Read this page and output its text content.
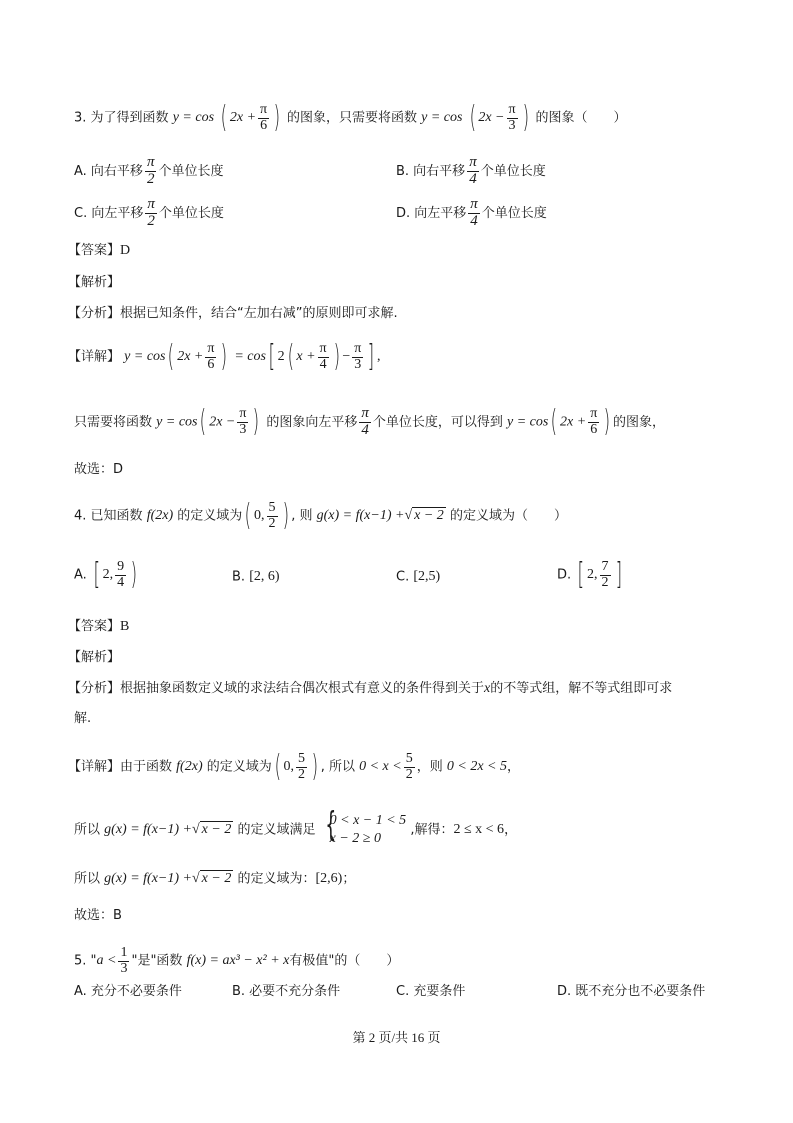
3. 为了得到函数 y = cos ( $2x + \frac{\pi}{6}$ ) 的图象，只需要将函数 y = cos ( $2x - \frac{\pi}{3}$ ) 的图象（　　）
A. 向右平移 $\frac{\pi}{2}$ 个单位长度	B. 向右平移 $\frac{\pi}{4}$ 个单位长度
C. 向左平移 $\frac{\pi}{2}$ 个单位长度	D. 向左平移 $\frac{\pi}{4}$ 个单位长度
【答案】D
【解析】
【分析】根据已知条件，结合“左加右减”的原则即可求解.
【详解】 y = cos( $2x + \frac{\pi}{6}$ ) = cos[ 2( $x + \frac{\pi}{4}$ ) − $\frac{\pi}{3}$ ] ,
只需要将函数 y = cos( $2x - \frac{\pi}{3}$ ) 的图象向左平移 $\frac{\pi}{4}$ 个单位长度，可以得到 y = cos( $2x + \frac{\pi}{6}$ ) 的图象，
故选：D
4. 已知函数 f(2x) 的定义域为( 0, $\frac{5}{2}$ ) , 则 g(x) = f(x−1) +√ x − 2 的定义域为（　　）
A. [ 2, $\frac{9}{4}$ )	B. [2, 6)	C. [2,5)	D. [ 2, $\frac{7}{2}$ ]
【答案】B
【解析】
【分析】根据抽象函数定义域的求法结合偶次根式有意义的条件得到关于x的不等式组，解不等式组即可求
解.
【详解】由于函数 f(2x) 的定义域为( 0, $\frac{5}{2}$ ) , 所以 $0 < x < \frac{5}{2}$ ，则 0 < 2x < 5，
所以 g(x) = f(x−1) +√ x − 2 的定义域满足 {
0 < x − 1 < 5
x − 2 ≥ 0
,解得：2 ≤ x < 6，
所以 g(x) = f(x−1) +√ x − 2 的定义域为：[2,6)；
故选：B
5. "$a < \frac{1}{3}$ "是"函数 f(x) = ax³ − x² + x有极值"的（　　）
A. 充分不必要条件	B. 必要不充分条件	C. 充要条件	D. 既不充分也不必要条件
第 2 页/共 16 页
